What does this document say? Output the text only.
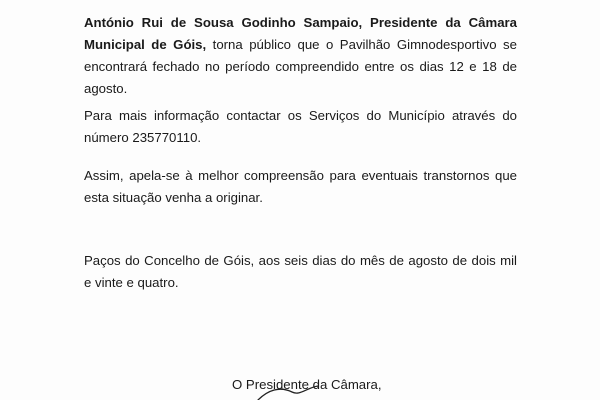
António Rui de Sousa Godinho Sampaio, Presidente da Câmara Municipal de Góis, torna público que o Pavilhão Gimnodesportivo se encontrará fechado no período compreendido entre os dias 12 e 18 de agosto.

Para mais informação contactar os Serviços do Município através do número 235770110.

Assim, apela-se à melhor compreensão para eventuais transtornos que esta situação venha a originar.

Paços do Concelho de Góis, aos seis dias do mês de agosto de dois mil e vinte e quatro.

O Presidente da Câmara,
